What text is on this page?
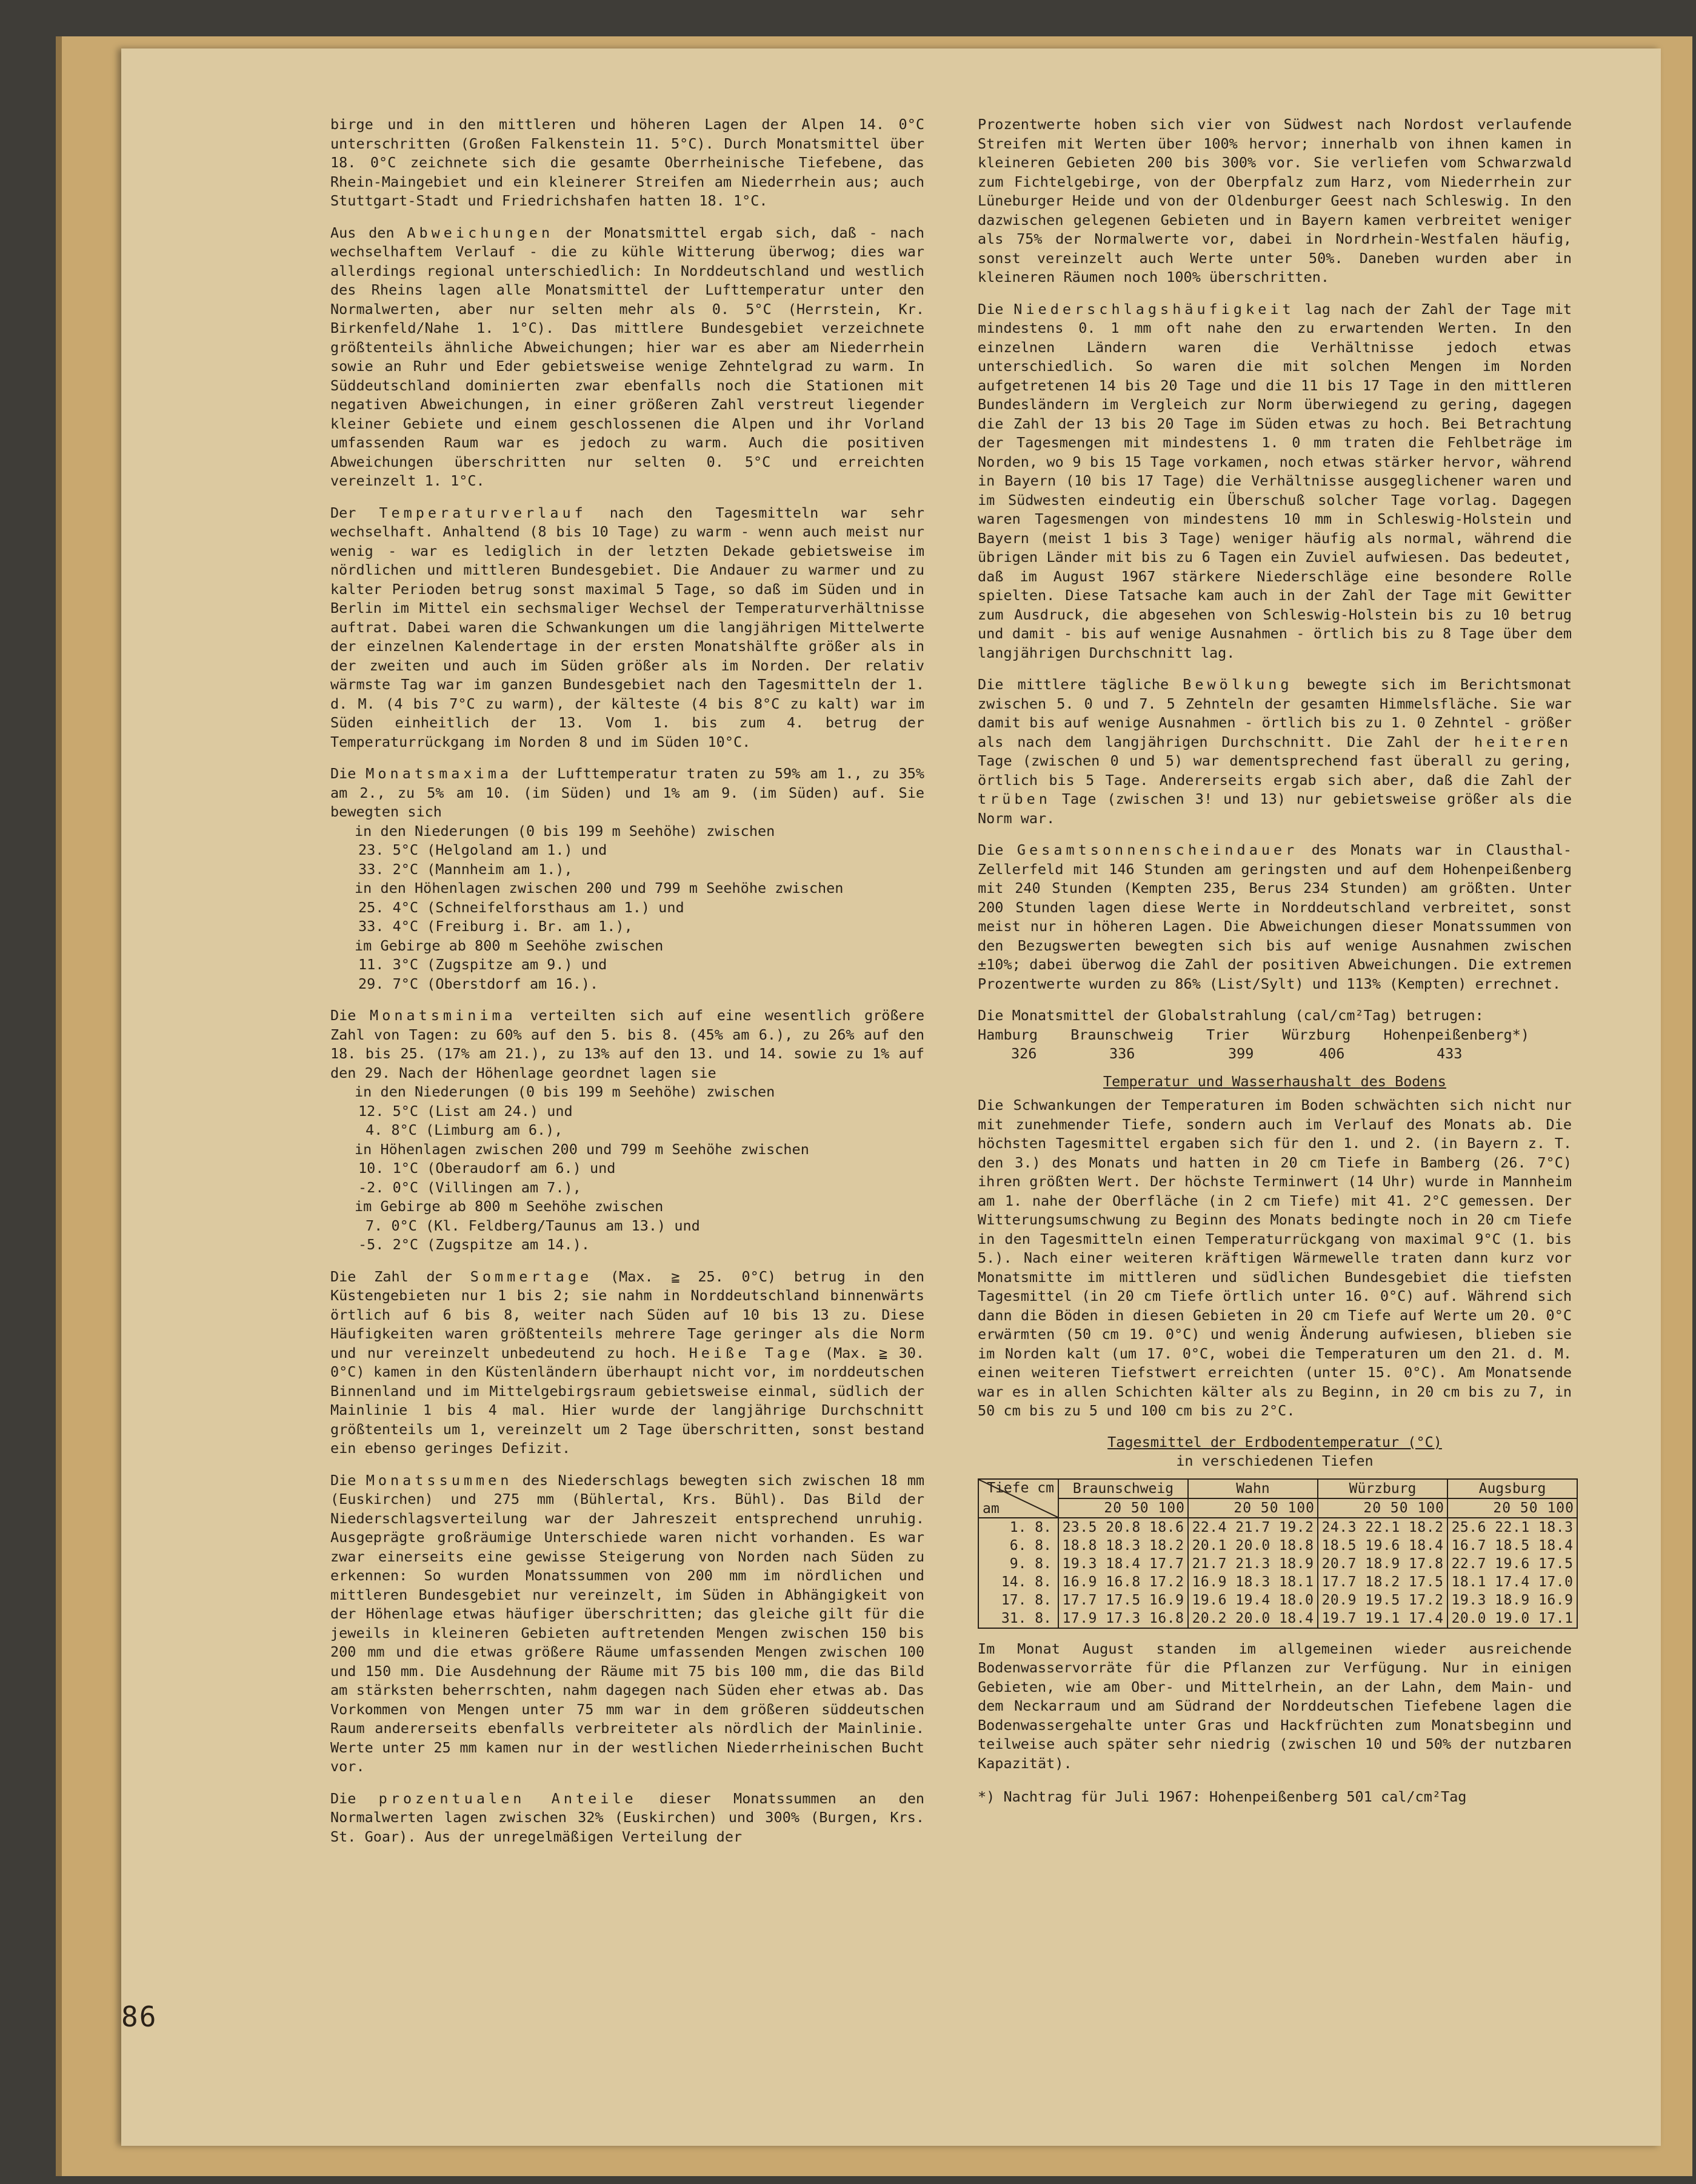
birge und in den mittleren und höheren Lagen der Alpen 14. 0°C unterschritten (Großen Falkenstein 11. 5°C). Durch Monatsmittel über 18. 0°C zeichnete sich die gesamte Oberrheinische Tiefebene, das Rhein-Maingebiet und ein kleinerer Streifen am Niederrhein aus; auch Stuttgart-Stadt und Friedrichshafen hatten 18. 1°C.

Aus den Abweichungen der Monatsmittel ergab sich, daß - nach wechselhaftem Verlauf - die zu kühle Witterung überwog; dies war allerdings regional unterschiedlich: In Norddeutschland und westlich des Rheins lagen alle Monatsmittel der Lufttemperatur unter den Normalwerten, aber nur selten mehr als 0. 5°C (Herrstein, Kr. Birkenfeld/Nahe 1. 1°C). Das mittlere Bundesgebiet verzeichnete größtenteils ähnliche Abweichungen; hier war es aber am Niederrhein sowie an Ruhr und Eder gebietsweise wenige Zehntelgrad zu warm. In Süddeutschland dominierten zwar ebenfalls noch die Stationen mit negativen Abweichungen, in einer größeren Zahl verstreut liegender kleiner Gebiete und einem geschlossenen die Alpen und ihr Vorland umfassenden Raum war es jedoch zu warm. Auch die positiven Abweichungen überschritten nur selten 0. 5°C und erreichten vereinzelt 1. 1°C.

Der Temperaturverlauf nach den Tagesmitteln war sehr wechselhaft. Anhaltend (8 bis 10 Tage) zu warm - wenn auch meist nur wenig - war es lediglich in der letzten Dekade gebietsweise im nördlichen und mittleren Bundesgebiet. Die Andauer zu warmer und zu kalter Perioden betrug sonst maximal 5 Tage, so daß im Süden und in Berlin im Mittel ein sechsmaliger Wechsel der Temperaturverhältnisse auftrat. Dabei waren die Schwankungen um die langjährigen Mittelwerte der einzelnen Kalendertage in der ersten Monatshälfte größer als in der zweiten und auch im Süden größer als im Norden. Der relativ wärmste Tag war im ganzen Bundesgebiet nach den Tagesmitteln der 1. d. M. (4 bis 7°C zu warm), der kälteste (4 bis 8°C zu kalt) war im Süden einheitlich der 13. Vom 1. bis zum 4. betrug der Temperaturrückgang im Norden 8 und im Süden 10°C.

Die Monatsmaxima der Lufttemperatur traten zu 59% am 1., zu 35% am 2., zu 5% am 10. (im Süden) und 1% am 9. (im Süden) auf. Sie bewegten sich

in den Niederungen (0 bis 199 m Seehöhe) zwischen
23. 5°C (Helgoland am 1.) und
33. 2°C (Mannheim am 1.),
in den Höhenlagen zwischen 200 und 799 m Seehöhe zwischen
25. 4°C (Schneifelforsthaus am 1.) und
33. 4°C (Freiburg i. Br. am 1.),
im Gebirge ab 800 m Seehöhe zwischen
11. 3°C (Zugspitze am 9.) und
29. 7°C (Oberstdorf am 16.).

Die Monatsminima verteilten sich auf eine wesentlich größere Zahl von Tagen: zu 60% auf den 5. bis 8. (45% am 6.), zu 26% auf den 18. bis 25. (17% am 21.), zu 13% auf den 13. und 14. sowie zu 1% auf den 29. Nach der Höhenlage geordnet lagen sie

in den Niederungen (0 bis 199 m Seehöhe) zwischen
12. 5°C (List am 24.) und
4. 8°C (Limburg am 6.),
in Höhenlagen zwischen 200 und 799 m Seehöhe zwischen
10. 1°C (Oberaudorf am 6.) und
-2. 0°C (Villingen am 7.),
im Gebirge ab 800 m Seehöhe zwischen
7. 0°C (Kl. Feldberg/Taunus am 13.) und
-5. 2°C (Zugspitze am 14.).

Die Zahl der Sommertage (Max. ≧ 25. 0°C) betrug in den Küstengebieten nur 1 bis 2; sie nahm in Norddeutschland binnenwärts örtlich auf 6 bis 8, weiter nach Süden auf 10 bis 13 zu. Diese Häufigkeiten waren größtenteils mehrere Tage geringer als die Norm und nur vereinzelt unbedeutend zu hoch. Heiße Tage (Max. ≧ 30. 0°C) kamen in den Küstenländern überhaupt nicht vor, im norddeutschen Binnenland und im Mittelgebirgsraum gebietsweise einmal, südlich der Mainlinie 1 bis 4 mal. Hier wurde der langjährige Durchschnitt größtenteils um 1, vereinzelt um 2 Tage überschritten, sonst bestand ein ebenso geringes Defizit.

Die Monatssummen des Niederschlags bewegten sich zwischen 18 mm (Euskirchen) und 275 mm (Bühlertal, Krs. Bühl). Das Bild der Niederschlagsverteilung war der Jahreszeit entsprechend unruhig. Ausgeprägte großräumige Unterschiede waren nicht vorhanden. Es war zwar einerseits eine gewisse Steigerung von Norden nach Süden zu erkennen: So wurden Monatssummen von 200 mm im nördlichen und mittleren Bundesgebiet nur vereinzelt, im Süden in Abhängigkeit von der Höhenlage etwas häufiger überschritten; das gleiche gilt für die jeweils in kleineren Gebieten auftretenden Mengen zwischen 150 bis 200 mm und die etwas größere Räume umfassenden Mengen zwischen 100 und 150 mm. Die Ausdehnung der Räume mit 75 bis 100 mm, die das Bild am stärksten beherrschten, nahm dagegen nach Süden eher etwas ab. Das Vorkommen von Mengen unter 75 mm war in dem größeren süddeutschen Raum andererseits ebenfalls verbreiteter als nördlich der Mainlinie. Werte unter 25 mm kamen nur in der westlichen Niederrheinischen Bucht vor.

Die prozentualen Anteile dieser Monatssummen an den Normalwerten lagen zwischen 32% (Euskirchen) und 300% (Burgen, Krs. St. Goar). Aus der unregelmäßigen Verteilung der

Prozentwerte hoben sich vier von Südwest nach Nordost verlaufende Streifen mit Werten über 100% hervor; innerhalb von ihnen kamen in kleineren Gebieten 200 bis 300% vor. Sie verliefen vom Schwarzwald zum Fichtelgebirge, von der Oberpfalz zum Harz, vom Niederrhein zur Lüneburger Heide und von der Oldenburger Geest nach Schleswig. In den dazwischen gelegenen Gebieten und in Bayern kamen verbreitet weniger als 75% der Normalwerte vor, dabei in Nordrhein-Westfalen häufig, sonst vereinzelt auch Werte unter 50%. Daneben wurden aber in kleineren Räumen noch 100% überschritten.

Die Niederschlagshäufigkeit lag nach der Zahl der Tage mit mindestens 0. 1 mm oft nahe den zu erwartenden Werten. In den einzelnen Ländern waren die Verhältnisse jedoch etwas unterschiedlich. So waren die mit solchen Mengen im Norden aufgetretenen 14 bis 20 Tage und die 11 bis 17 Tage in den mittleren Bundesländern im Vergleich zur Norm überwiegend zu gering, dagegen die Zahl der 13 bis 20 Tage im Süden etwas zu hoch. Bei Betrachtung der Tagesmengen mit mindestens 1. 0 mm traten die Fehlbeträge im Norden, wo 9 bis 15 Tage vorkamen, noch etwas stärker hervor, während in Bayern (10 bis 17 Tage) die Verhältnisse ausgeglichener waren und im Südwesten eindeutig ein Überschuß solcher Tage vorlag. Dagegen waren Tagesmengen von mindestens 10 mm in Schleswig-Holstein und Bayern (meist 1 bis 3 Tage) weniger häufig als normal, während die übrigen Länder mit bis zu 6 Tagen ein Zuviel aufwiesen. Das bedeutet, daß im August 1967 stärkere Niederschläge eine besondere Rolle spielten. Diese Tatsache kam auch in der Zahl der Tage mit Gewitter zum Ausdruck, die abgesehen von Schleswig-Holstein bis zu 10 betrug und damit - bis auf wenige Ausnahmen - örtlich bis zu 8 Tage über dem langjährigen Durchschnitt lag.

Die mittlere tägliche Bewölkung bewegte sich im Berichtsmonat zwischen 5. 0 und 7. 5 Zehnteln der gesamten Himmelsfläche. Sie war damit bis auf wenige Ausnahmen - örtlich bis zu 1. 0 Zehntel - größer als nach dem langjährigen Durchschnitt. Die Zahl der heiteren Tage (zwischen 0 und 5) war dementsprechend fast überall zu gering, örtlich bis 5 Tage. Andererseits ergab sich aber, daß die Zahl der trüben Tage (zwischen 3! und 13) nur gebietsweise größer als die Norm war.

Die Gesamtsonnenscheindauer des Monats war in Clausthal-Zellerfeld mit 146 Stunden am geringsten und auf dem Hohenpeißenberg mit 240 Stunden (Kempten 235, Berus 234 Stunden) am größten. Unter 200 Stunden lagen diese Werte in Norddeutschland verbreitet, sonst meist nur in höheren Lagen. Die Abweichungen dieser Monatssummen von den Bezugswerten bewegten sich bis auf wenige Ausnahmen zwischen ±10%; dabei überwog die Zahl der positiven Abweichungen. Die extremen Prozentwerte wurden zu 86% (List/Sylt) und 113% (Kempten) errechnet.

Die Monatsmittel der Globalstrahlung (cal/cm²Tag) betrugen:

Hamburg Braunschweig Trier Würzburg Hohenpeißenberg*)
326	336	399	406	433
Temperatur und Wasserhaushalt des Bodens

Die Schwankungen der Temperaturen im Boden schwächten sich nicht nur mit zunehmender Tiefe, sondern auch im Verlauf des Monats ab. Die höchsten Tagesmittel ergaben sich für den 1. und 2. (in Bayern z. T. den 3.) des Monats und hatten in 20 cm Tiefe in Bamberg (26. 7°C) ihren größten Wert. Der höchste Terminwert (14 Uhr) wurde in Mannheim am 1. nahe der Oberfläche (in 2 cm Tiefe) mit 41. 2°C gemessen. Der Witterungsumschwung zu Beginn des Monats bedingte noch in 20 cm Tiefe in den Tagesmitteln einen Temperaturrückgang von maximal 9°C (1. bis 5.). Nach einer weiteren kräftigen Wärmewelle traten dann kurz vor Monatsmitte im mittleren und südlichen Bundesgebiet die tiefsten Tagesmittel (in 20 cm Tiefe örtlich unter 16. 0°C) auf. Während sich dann die Böden in diesen Gebieten in 20 cm Tiefe auf Werte um 20. 0°C erwärmten (50 cm 19. 0°C) und wenig Änderung aufwiesen, blieben sie im Norden kalt (um 17. 0°C, wobei die Temperaturen um den 21. d. M. einen weiteren Tiefstwert erreichten (unter 15. 0°C). Am Monatsende war es in allen Schichten kälter als zu Beginn, in 20 cm bis zu 7, in 50 cm bis zu 5 und 100 cm bis zu 2°C.

Tagesmittel der Erdbodentemperatur (°C)
in verschiedenen Tiefen
Tiefe cm
am	Braunschweig	Wahn	Würzburg	Augsburg
	20 50 100	20 50 100	20 50 100	20 50 100
1. 8.	23.5 20.8 18.6	22.4 21.7 19.2	24.3 22.1 18.2	25.6 22.1 18.3
6. 8.	18.8 18.3 18.2	20.1 20.0 18.8	18.5 19.6 18.4	16.7 18.5 18.4
9. 8.	19.3 18.4 17.7	21.7 21.3 18.9	20.7 18.9 17.8	22.7 19.6 17.5
14. 8.	16.9 16.8 17.2	16.9 18.3 18.1	17.7 18.2 17.5	18.1 17.4 17.0
17. 8.	17.7 17.5 16.9	19.6 19.4 18.0	20.9 19.5 17.2	19.3 18.9 16.9
31. 8.	17.9 17.3 16.8	20.2 20.0 18.4	19.7 19.1 17.4	20.0 19.0 17.1

Im Monat August standen im allgemeinen wieder ausreichende Bodenwasservorräte für die Pflanzen zur Verfügung. Nur in einigen Gebieten, wie am Ober- und Mittelrhein, an der Lahn, dem Main- und dem Neckarraum und am Südrand der Norddeutschen Tiefebene lagen die Bodenwassergehalte unter Gras und Hackfrüchten zum Monatsbeginn und teilweise auch später sehr niedrig (zwischen 10 und 50% der nutzbaren Kapazität).

*) Nachtrag für Juli 1967: Hohenpeißenberg 501 cal/cm²Tag
86
